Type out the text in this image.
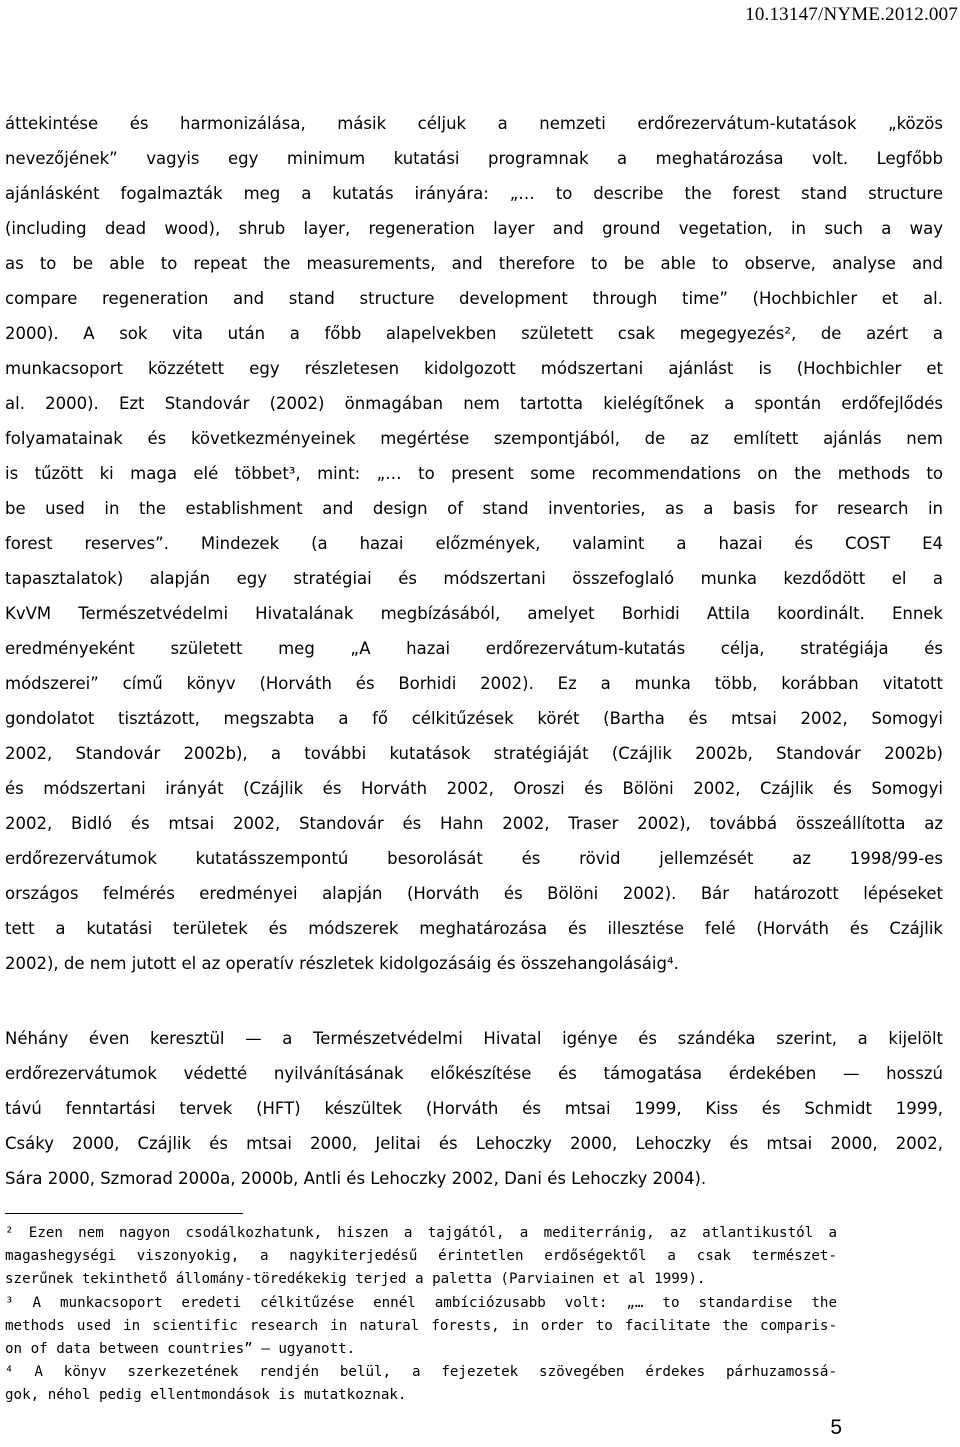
10.13147/NYME.2012.007
áttekintése és harmonizálása, másik céljuk a nemzeti erdőrezervátum-kutatások „közös
nevezőjének” vagyis egy minimum kutatási programnak a meghatározása volt. Legfőbb
ajánlásként fogalmazták meg a kutatás irányára: „… to describe the forest stand structure
(including dead wood), shrub layer, regeneration layer and ground vegetation, in such a way
as to be able to repeat the measurements, and therefore to be able to observe, analyse and
compare regeneration and stand structure development through time” (Hochbichler et al.
2000). A sok vita után a főbb alapelvekben született csak megegyezés², de azért a
munkacsoport közzétett egy részletesen kidolgozott módszertani ajánlást is (Hochbichler et
al. 2000). Ezt Standovár (2002) önmagában nem tartotta kielégítőnek a spontán erdőfejlődés
folyamatainak és következményeinek megértése szempontjából, de az említett ajánlás nem
is tűzött ki maga elé többet³, mint: „… to present some recommendations on the methods to
be used in the establishment and design of stand inventories, as a basis for research in
forest reserves”. Mindezek (a hazai előzmények, valamint a hazai és COST E4
tapasztalatok) alapján egy stratégiai és módszertani összefoglaló munka kezdődött el a
KvVM Természetvédelmi Hivatalának megbízásából, amelyet Borhidi Attila koordinált. Ennek
eredményeként született meg „A hazai erdőrezervátum-kutatás célja, stratégiája és
módszerei” című könyv (Horváth és Borhidi 2002). Ez a munka több, korábban vitatott
gondolatot tisztázott, megszabta a fő célkitűzések körét (Bartha és mtsai 2002, Somogyi
2002, Standovár 2002b), a további kutatások stratégiáját (Czájlik 2002b, Standovár 2002b)
és módszertani irányát (Czájlik és Horváth 2002, Oroszi és Bölöni 2002, Czájlik és Somogyi
2002, Bidló és mtsai 2002, Standovár és Hahn 2002, Traser 2002), továbbá összeállította az
erdőrezervátumok kutatásszempontú besorolását és rövid jellemzését az 1998/99-es
országos felmérés eredményei alapján (Horváth és Bölöni 2002). Bár határozott lépéseket
tett a kutatási területek és módszerek meghatározása és illesztése felé (Horváth és Czájlik
2002), de nem jutott el az operatív részletek kidolgozásáig és összehangolásáig⁴.
Néhány éven keresztül — a Természetvédelmi Hivatal igénye és szándéka szerint, a kijelölt
erdőrezervátumok védetté nyilvánításának előkészítése és támogatása érdekében — hosszú
távú fenntartási tervek (HFT) készültek (Horváth és mtsai 1999, Kiss és Schmidt 1999,
Csáky 2000, Czájlik és mtsai 2000, Jelitai és Lehoczky 2000, Lehoczky és mtsai 2000, 2002,
Sára 2000, Szmorad 2000a, 2000b, Antli és Lehoczky 2002, Dani és Lehoczky 2004).
² Ezen nem nagyon csodálkozhatunk, hiszen a tajgától, a mediterránig, az atlantikustól a
magashegységi viszonyokig, a nagykiterjedésű érintetlen erdőségektől a csak természet-
szerűnek tekinthető állomány-töredékekig terjed a paletta (Parviainen et al 1999).
³ A munkacsoport eredeti célkitűzése ennél ambíciózusabb volt: „… to standardise the
methods used in scientific research in natural forests, in order to facilitate the comparis-
on of data between countries” – ugyanott.
⁴ A könyv szerkezetének rendjén belül, a fejezetek szövegében érdekes párhuzamossá-
gok, néhol pedig ellentmondások is mutatkoznak.
5
